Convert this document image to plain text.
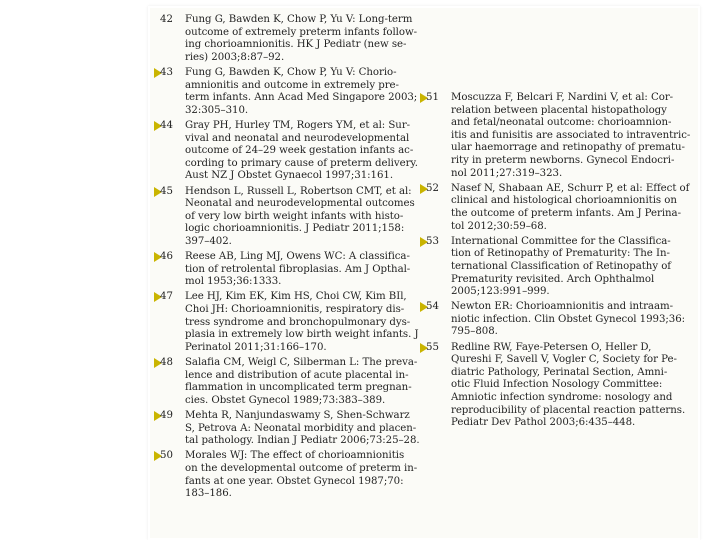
42	Fung G, Bawden K, Chow P, Yu V: Long-term
outcome of extremely preterm infants follow-
ing chorioamnionitis. HK J Pediatr (new se-
ries) 2003;8:87–92.
43	Fung G, Bawden K, Chow P, Yu V: Chorio-
amnionitis and outcome in extremely pre-
term infants. Ann Acad Med Singapore 2003;
32:305–310.
44	Gray PH, Hurley TM, Rogers YM, et al: Sur-
vival and neonatal and neurodevelopmental
outcome of 24–29 week gestation infants ac-
cording to primary cause of preterm delivery.
Aust NZ J Obstet Gynaecol 1997;31:161.
45	Hendson L, Russell L, Robertson CMT, et al:
Neonatal and neurodevelopmental outcomes
of very low birth weight infants with histo-
logic chorioamnionitis. J Pediatr 2011;158:
397–402.
46	Reese AB, Ling MJ, Owens WC: A classifica-
tion of retrolental fibroplasias. Am J Opthal-
mol 1953;36:1333.
47	Lee HJ, Kim EK, Kim HS, Choi CW, Kim BIl,
Choi JH: Chorioamnionitis, respiratory dis-
tress syndrome and bronchopulmonary dys-
plasia in extremely low birth weight infants. J
Perinatol 2011;31:166–170.
48	Salafia CM, Weigl C, Silberman L: The preva-
lence and distribution of acute placental in-
flammation in uncomplicated term pregnan-
cies. Obstet Gynecol 1989;73:383–389.
49	Mehta R, Nanjundaswamy S, Shen-Schwarz
S, Petrova A: Neonatal morbidity and placen-
tal pathology. Indian J Pediatr 2006;73:25–28.
50	Morales WJ: The effect of chorioamnionitis
on the developmental outcome of preterm in-
fants at one year. Obstet Gynecol 1987;70:
183–186.
51	Moscuzza F, Belcari F, Nardini V, et al: Cor-
relation between placental histopathology
and fetal/neonatal outcome: chorioamnion-
itis and funisitis are associated to intraventric-
ular haemorrage and retinopathy of prematu-
rity in preterm newborns. Gynecol Endocri-
nol 2011;27:319–323.
52	Nasef N, Shabaan AE, Schurr P, et al: Effect of
clinical and histological chorioamnionitis on
the outcome of preterm infants. Am J Perina-
tol 2012;30:59–68.
53	International Committee for the Classifica-
tion of Retinopathy of Prematurity: The In-
ternational Classification of Retinopathy of
Prematurity revisited. Arch Ophthalmol
2005;123:991–999.
54	Newton ER: Chorioamnionitis and intraam-
niotic infection. Clin Obstet Gynecol 1993;36:
795–808.
55	Redline RW, Faye-Petersen O, Heller D,
Qureshi F, Savell V, Vogler C, Society for Pe-
diatric Pathology, Perinatal Section, Amni-
otic Fluid Infection Nosology Committee:
Amniotic infection syndrome: nosology and
reproducibility of placental reaction patterns.
Pediatr Dev Pathol 2003;6:435–448.
